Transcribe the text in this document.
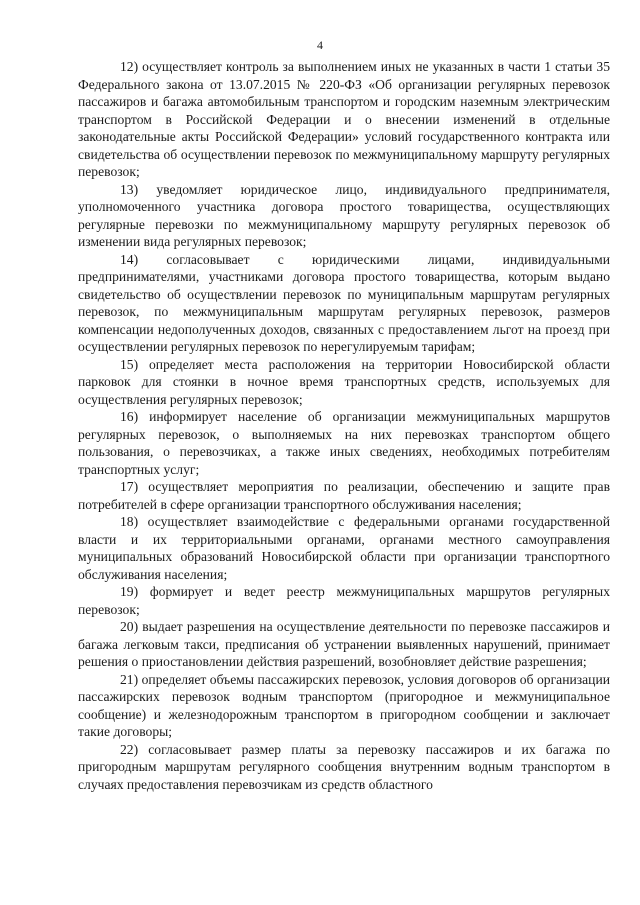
4

12) осуществляет контроль за выполнением иных не указанных в части 1 статьи 35 Федерального закона от 13.07.2015 № 220-ФЗ «Об организации регулярных перевозок пассажиров и багажа автомобильным транспортом и городским наземным электрическим транспортом в Российской Федерации и о внесении изменений в отдельные законодательные акты Российской Федерации» условий государственного контракта или свидетельства об осуществлении перевозок по межмуниципальному маршруту регулярных перевозок;

13) уведомляет юридическое лицо, индивидуального предпринимателя, уполномоченного участника договора простого товарищества, осуществляющих регулярные перевозки по межмуниципальному маршруту регулярных перевозок об изменении вида регулярных перевозок;

14) согласовывает с юридическими лицами, индивидуальными предпринимателями, участниками договора простого товарищества, которым выдано свидетельство об осуществлении перевозок по муниципальным маршрутам регулярных перевозок, по межмуниципальным маршрутам регулярных перевозок, размеров компенсации недополученных доходов, связанных с предоставлением льгот на проезд при осуществлении регулярных перевозок по нерегулируемым тарифам;

15) определяет места расположения на территории Новосибирской области парковок для стоянки в ночное время транспортных средств, используемых для осуществления регулярных перевозок;

16) информирует население об организации межмуниципальных маршрутов регулярных перевозок, о выполняемых на них перевозках транспортом общего пользования, о перевозчиках, а также иных сведениях, необходимых потребителям транспортных услуг;

17) осуществляет мероприятия по реализации, обеспечению и защите прав потребителей в сфере организации транспортного обслуживания населения;

18) осуществляет взаимодействие с федеральными органами государственной власти и их территориальными органами, органами местного самоуправления муниципальных образований Новосибирской области при организации транспортного обслуживания населения;

19) формирует и ведет реестр межмуниципальных маршрутов регулярных перевозок;

20) выдает разрешения на осуществление деятельности по перевозке пассажиров и багажа легковым такси, предписания об устранении выявленных нарушений, принимает решения о приостановлении действия разрешений, возобновляет действие разрешения;

21) определяет объемы пассажирских перевозок, условия договоров об организации пассажирских перевозок водным транспортом (пригородное и межмуниципальное сообщение) и железнодорожным транспортом в пригородном сообщении и заключает такие договоры;

22) согласовывает размер платы за перевозку пассажиров и их багажа по пригородным маршрутам регулярного сообщения внутренним водным транспортом в случаях предоставления перевозчикам из средств областного
